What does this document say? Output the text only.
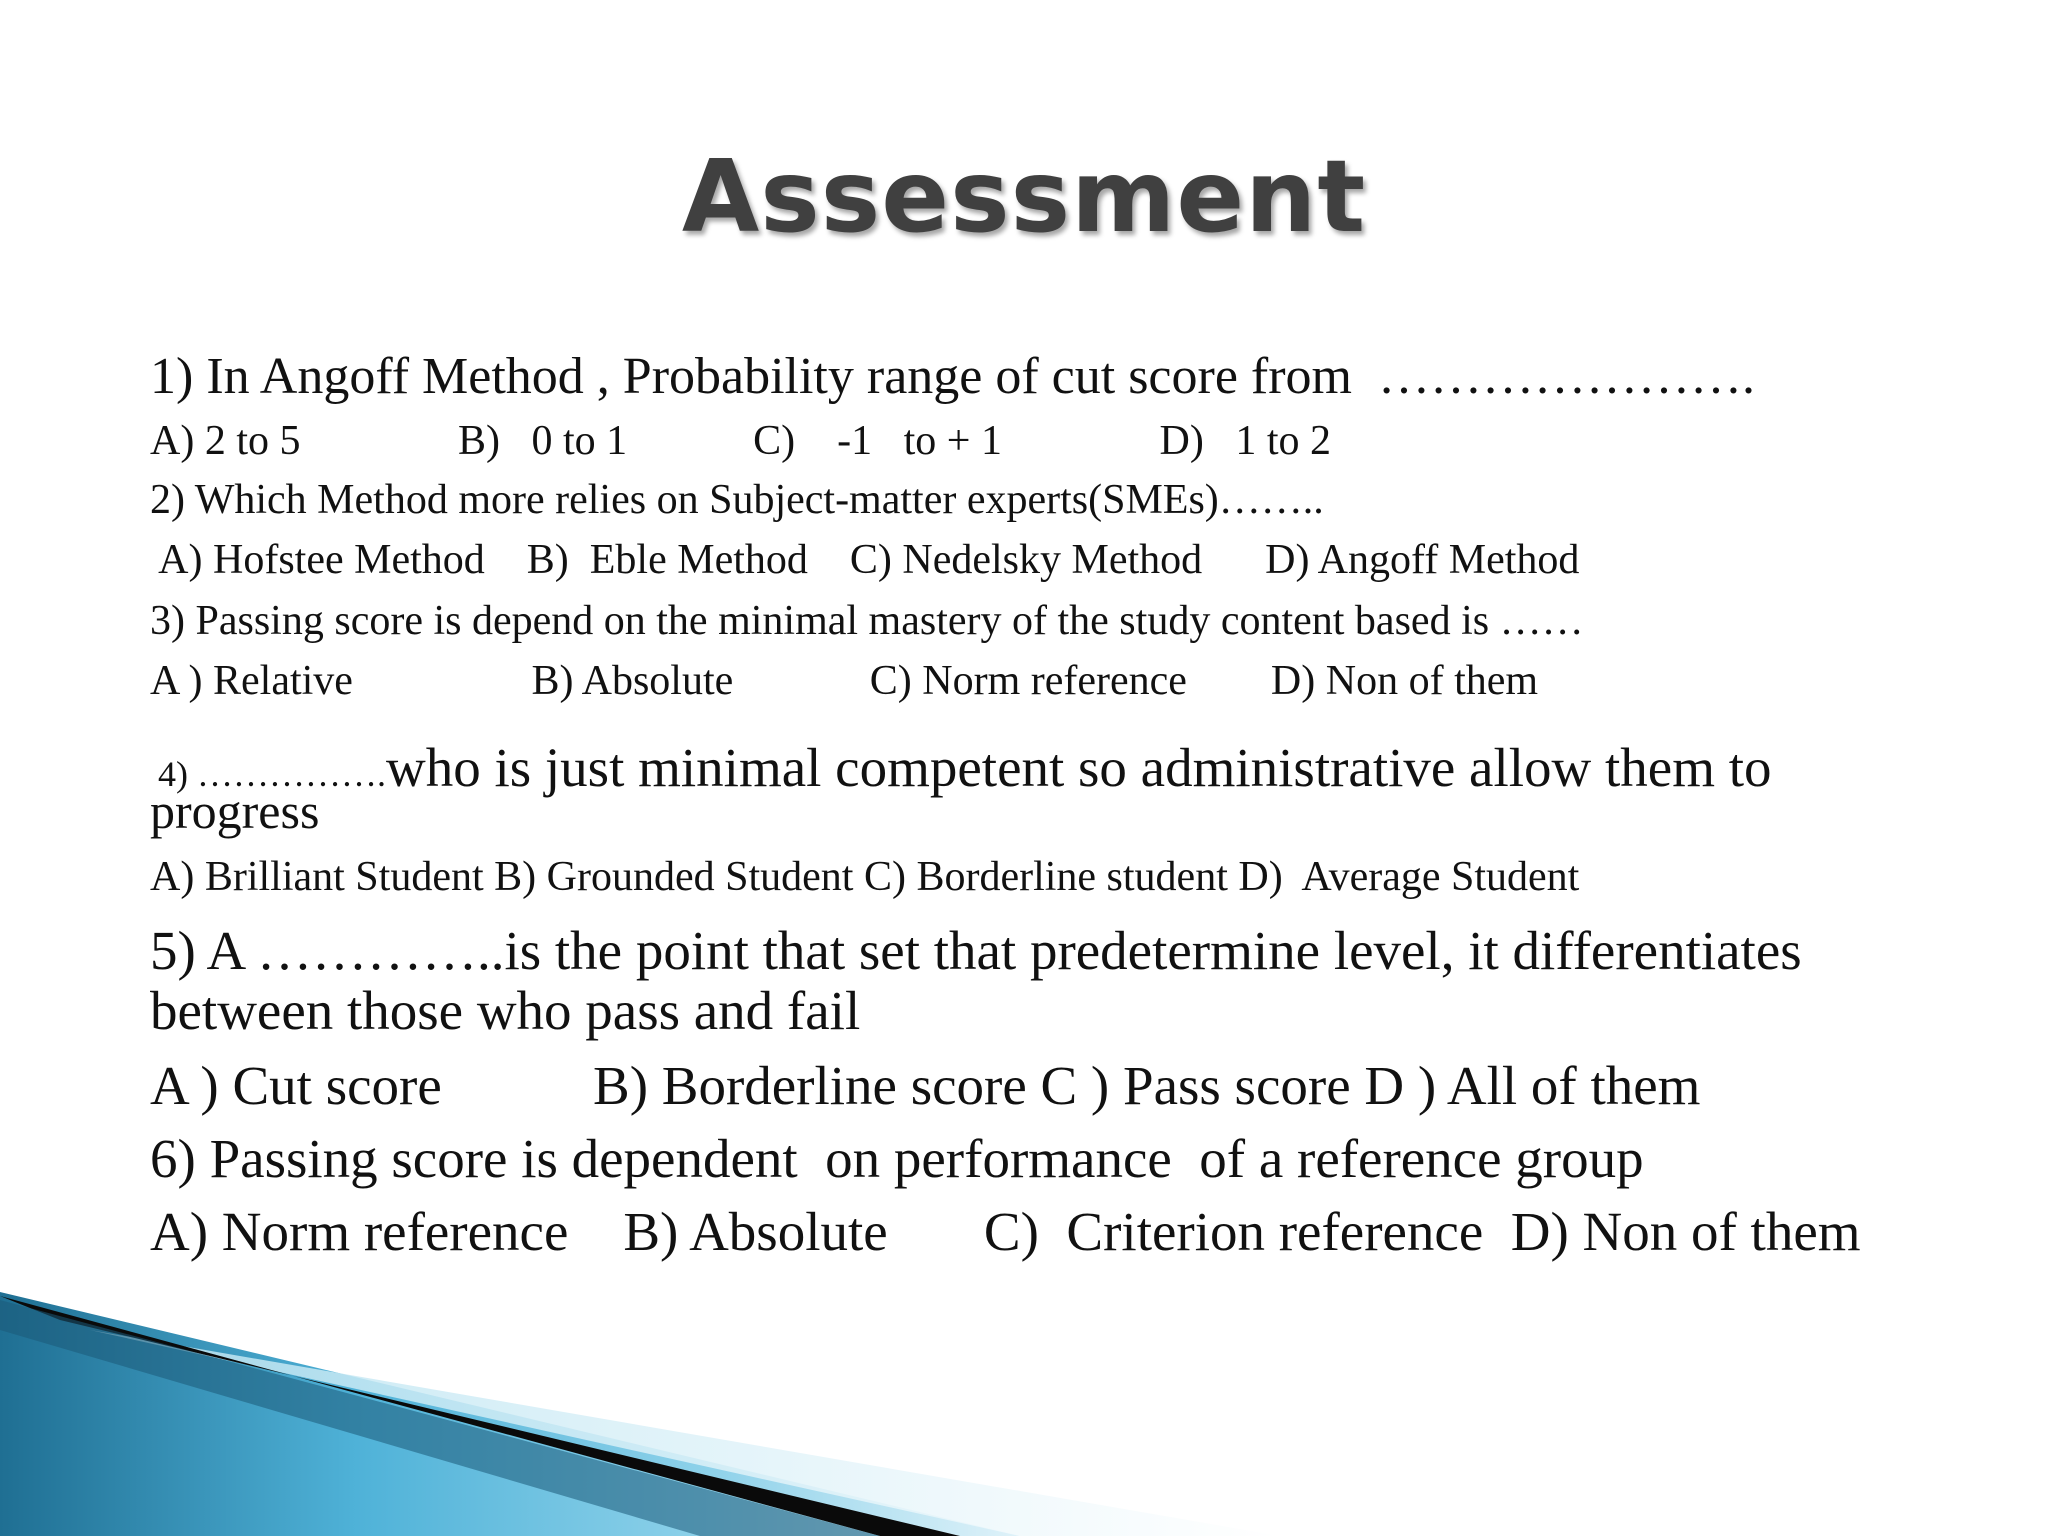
Assessment
1) In Angoff Method , Probability range of cut score from  ………………….
A) 2 to 5               B)   0 to 1            C)    -1   to + 1               D)   1 to 2
2) Which Method more relies on Subject-matter experts(SMEs)……..
A) Hofstee Method    B)  Eble Method    C) Nedelsky Method      D) Angoff Method
3) Passing score is depend on the minimal mastery of the study content based is ……
A ) Relative                 B) Absolute             C) Norm reference        D) Non of them

4) …………….who is just minimal competent so administrative allow them to

progress
A) Brilliant Student B) Grounded Student C) Borderline student D)  Average Student
5) A …………..is the point that set that predetermine level, it differentiates
between those who pass and fail
A ) Cut score           B) Borderline score C ) Pass score D ) All of them
6) Passing score is dependent  on performance  of a reference group
A) Norm reference    B) Absolute       C)  Criterion reference  D) Non of them
